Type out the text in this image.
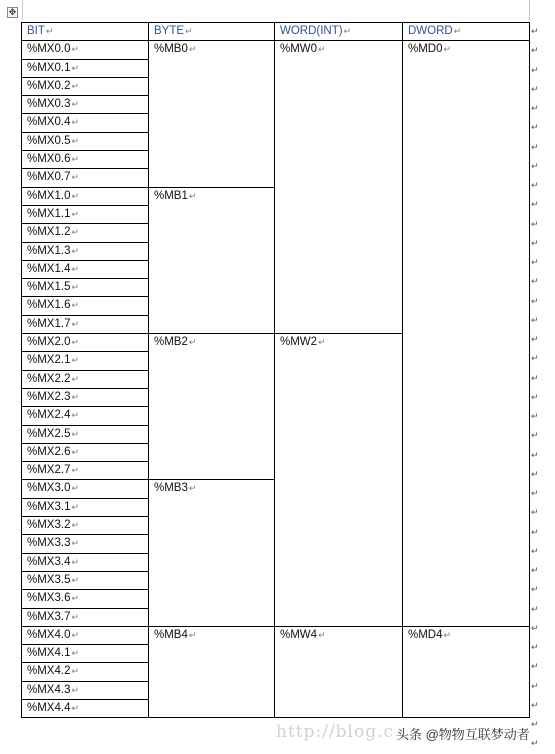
✥
BIT↵	BYTE↵	WORD(INT)↵	DWORD↵
%MX0.0↵	%MB0↵	%MW0↵	%MD0↵
%MX0.1↵			
%MX0.2↵			
%MX0.3↵			
%MX0.4↵			
%MX0.5↵			
%MX0.6↵			
%MX0.7↵			
%MX1.0↵	%MB1↵		
%MX1.1↵			
%MX1.2↵			
%MX1.3↵			
%MX1.4↵			
%MX1.5↵			
%MX1.6↵			
%MX1.7↵			
%MX2.0↵	%MB2↵	%MW2↵	
%MX2.1↵			
%MX2.2↵			
%MX2.3↵			
%MX2.4↵			
%MX2.5↵			
%MX2.6↵			
%MX2.7↵			
%MX3.0↵	%MB3↵		
%MX3.1↵			
%MX3.2↵			
%MX3.3↵			
%MX3.4↵			
%MX3.5↵			
%MX3.6↵			
%MX3.7↵			
%MX4.0↵	%MB4↵	%MW4↵	%MD4↵
%MX4.1↵			
%MX4.2↵			
%MX4.3↵			
%MX4.4↵			
↵
↵
↵
↵
↵
↵
↵
↵
↵
↵
↵
↵
↵
↵
↵
↵
↵
↵
↵
↵
↵
↵
↵
↵
↵
↵
↵
↵
↵
↵
↵
↵
↵
↵
↵
↵
↵
↵
http://blog.c 头条 @物物互联梦动者
